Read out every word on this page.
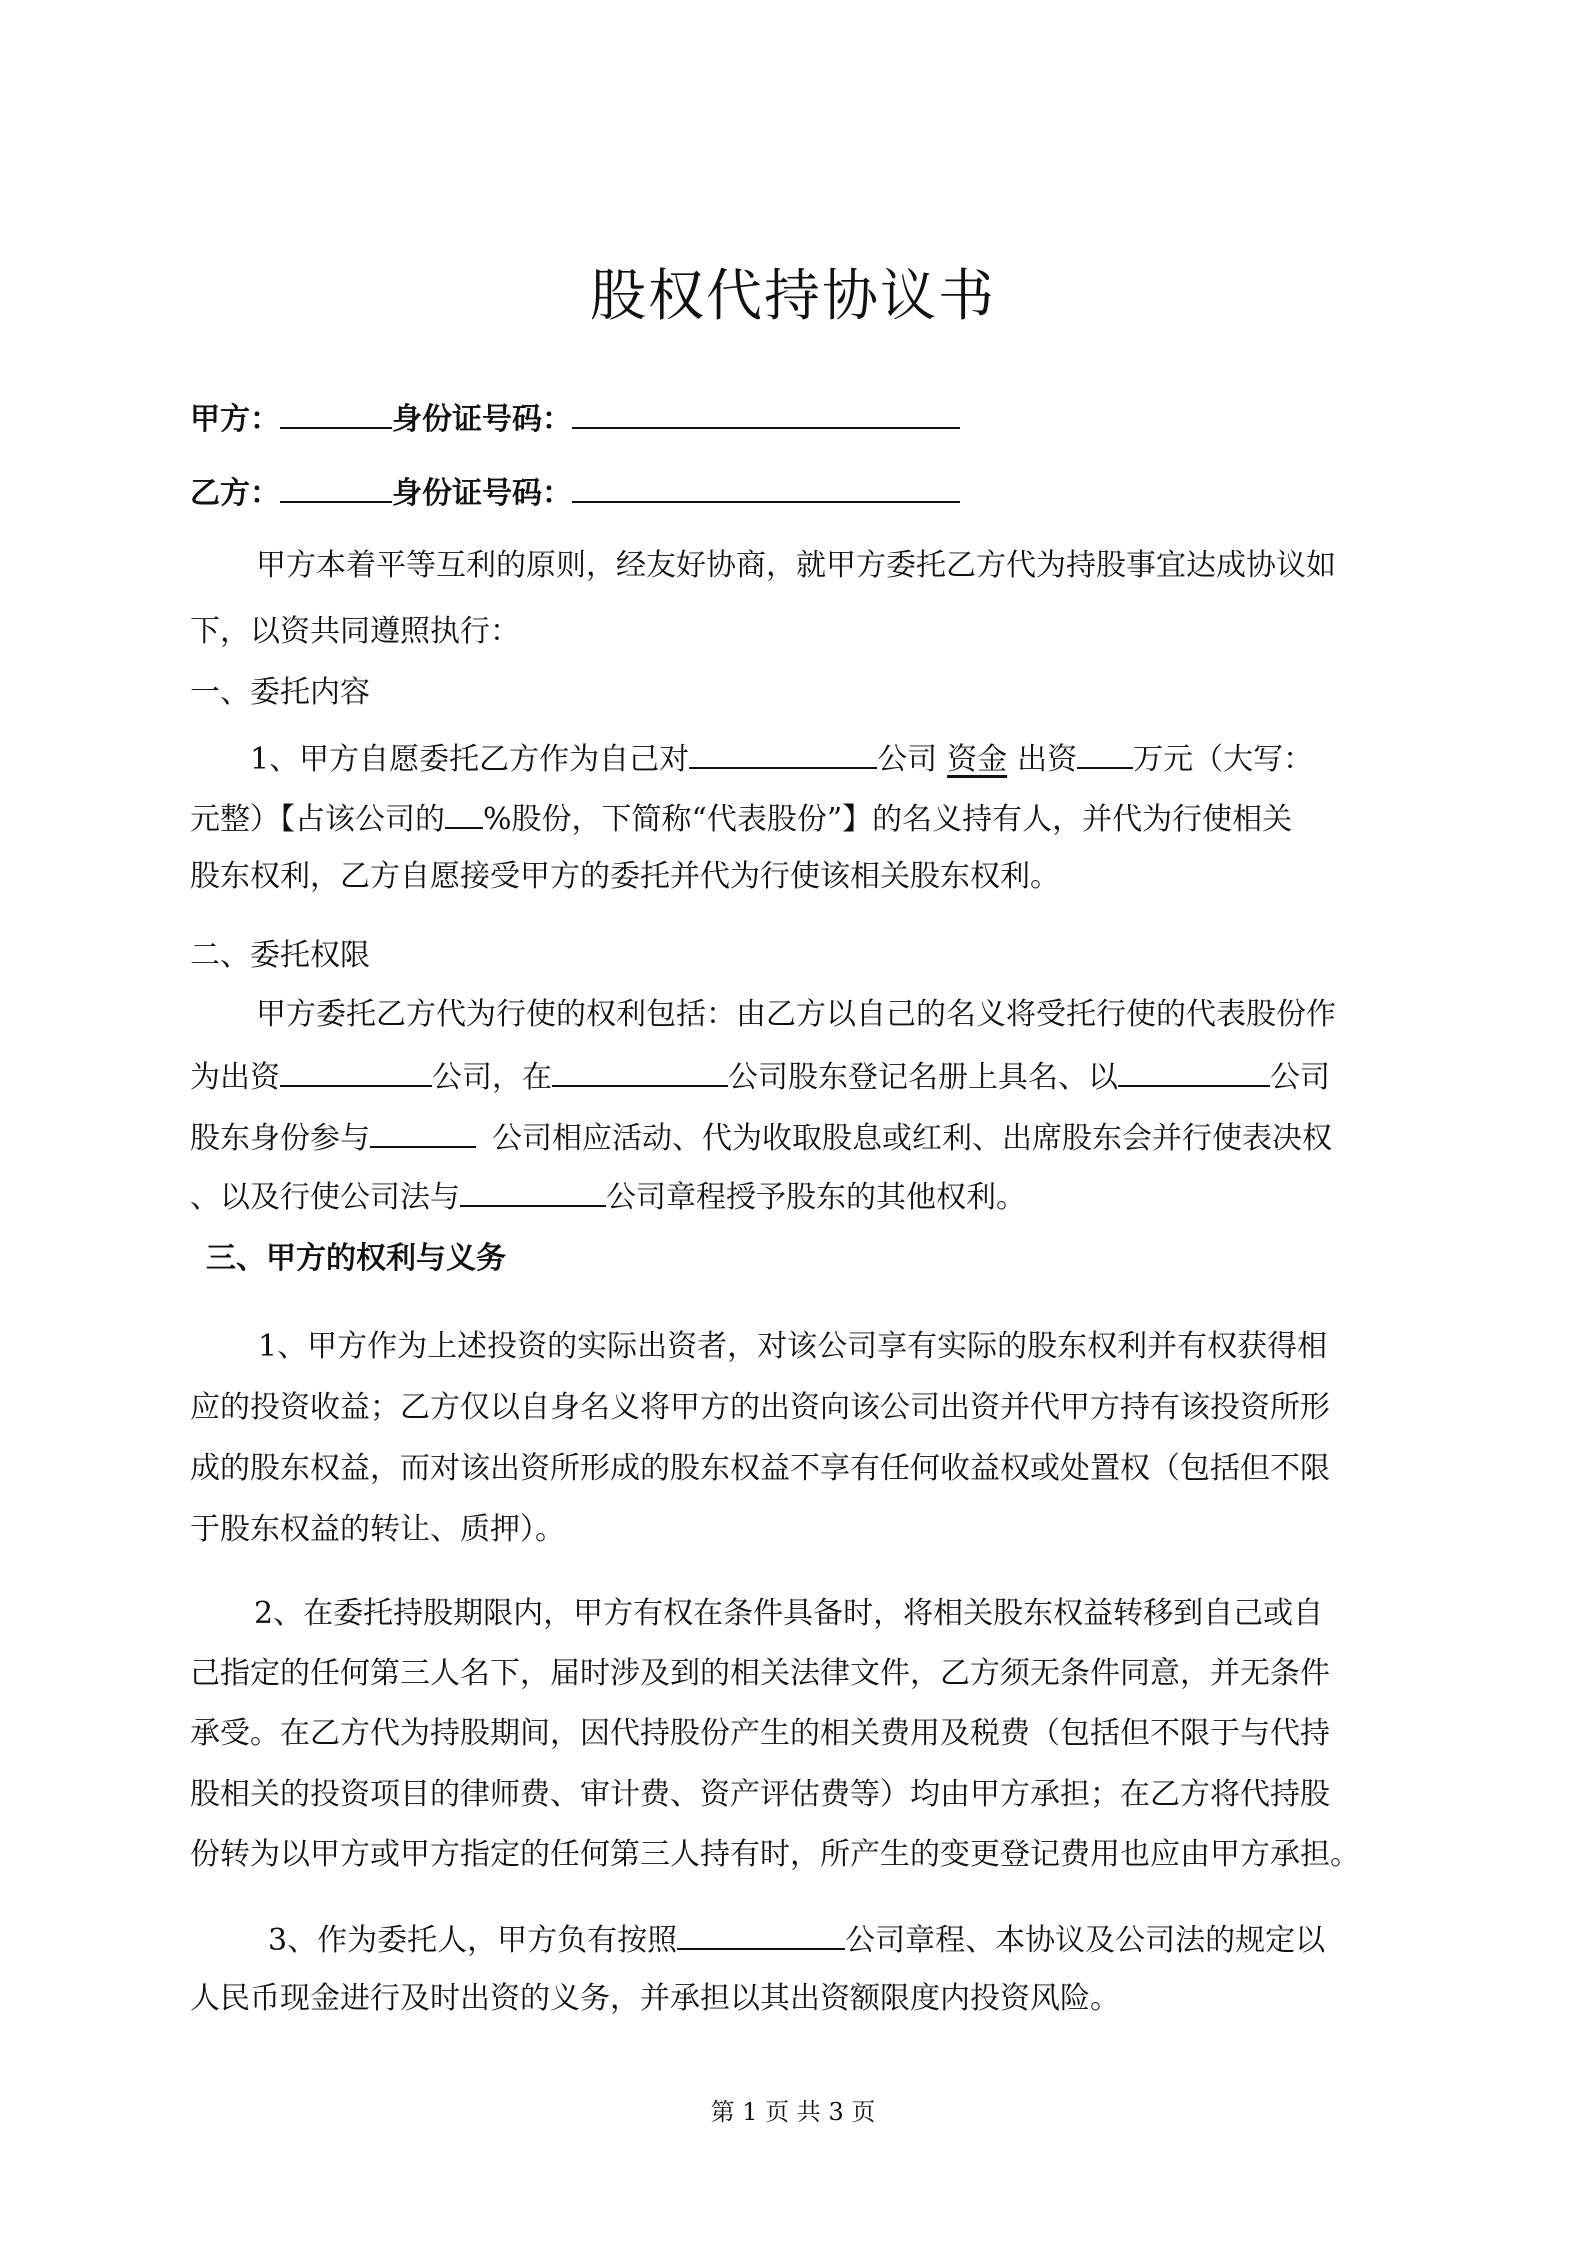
股权代持协议书
甲方：	身份证号码：
乙方：	身份证号码：
甲方本着平等互利的原则，经友好协商，就甲方委托乙方代为持股事宜达成协议如
下，以资共同遵照执行：
一、委托内容
1、甲方自愿委托乙方作为自己对	公司 资金 出资 万元（大写：
元整）【占该公司的 %股份，下简称“代表股份”】的名义持有人，并代为行使相关
股东权利，乙方自愿接受甲方的委托并代为行使该相关股东权利。
二、委托权限
甲方委托乙方代为行使的权利包括：由乙方以自己的名义将受托行使的代表股份作
为出资	公司，在	公司股东登记名册上具名、以	公司
股东身份参与	公司相应活动、代为收取股息或红利、出席股东会并行使表决权
、以及行使公司法与	公司章程授予股东的其他权利。
三、甲方的权利与义务
1、甲方作为上述投资的实际出资者，对该公司享有实际的股东权利并有权获得相
应的投资收益；乙方仅以自身名义将甲方的出资向该公司出资并代甲方持有该投资所形
成的股东权益，而对该出资所形成的股东权益不享有任何收益权或处置权（包括但不限
于股东权益的转让、质押）。
2、在委托持股期限内，甲方有权在条件具备时，将相关股东权益转移到自己或自
己指定的任何第三人名下，届时涉及到的相关法律文件，乙方须无条件同意，并无条件
承受。在乙方代为持股期间，因代持股份产生的相关费用及税费（包括但不限于与代持
股相关的投资项目的律师费、审计费、资产评估费等）均由甲方承担；在乙方将代持股
份转为以甲方或甲方指定的任何第三人持有时，所产生的变更登记费用也应由甲方承担。
3、作为委托人，甲方负有按照	公司章程、本协议及公司法的规定以
人民币现金进行及时出资的义务，并承担以其出资额限度内投资风险。
第 1 页 共 3 页
